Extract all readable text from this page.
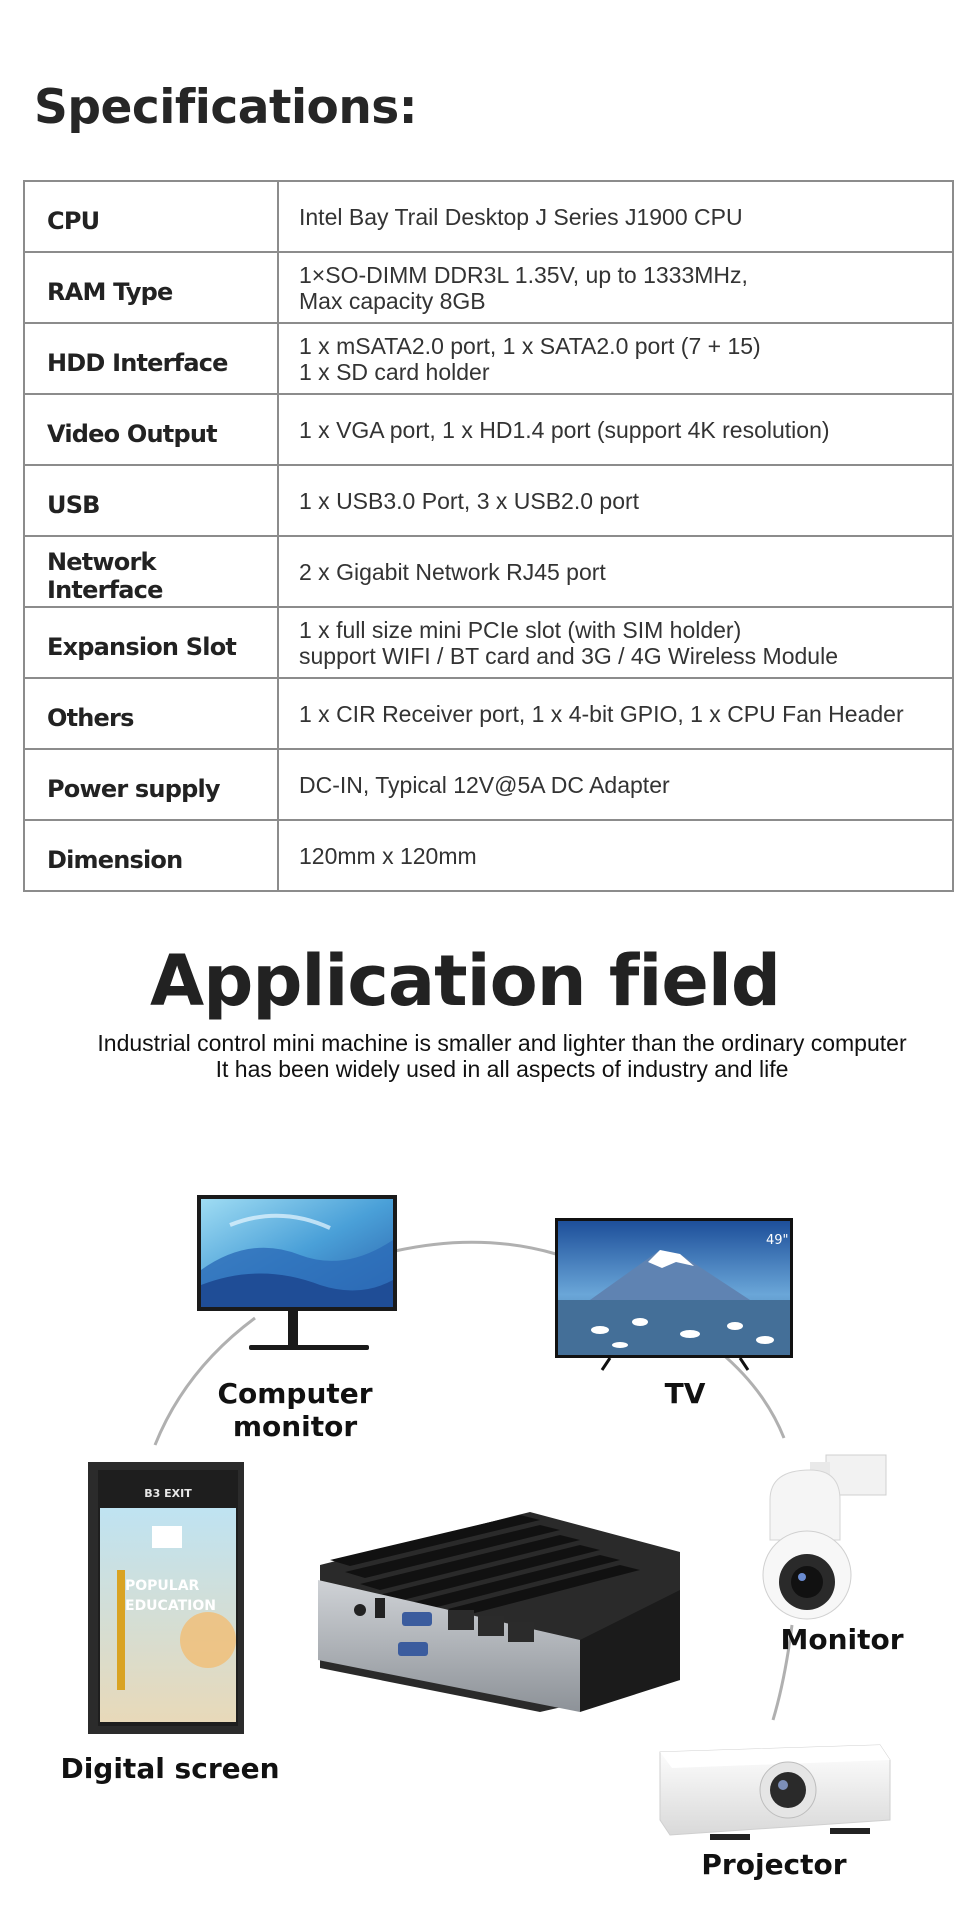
Specifications:
CPU	Intel Bay Trail Desktop J Series J1900 CPU

RAM Type	1×SO-DIMM DDR3L 1.35V, up to 1333MHz,
Max capacity 8GB

HDD Interface	1 x mSATA2.0 port, 1 x SATA2.0 port (7 + 15)
1 x SD card holder

Video Output	1 x VGA port, 1 x HD1.4 port (support 4K resolution)

USB	1 x USB3.0 Port, 3 x USB2.0 port

Network Interface	2 x Gigabit Network RJ45 port

Expansion Slot	1 x full size mini PCIe slot (with SIM holder)
support WIFI / BT card and 3G / 4G Wireless Module

Others	1 x CIR Receiver port, 1 x 4-bit GPIO, 1 x CPU Fan Header

Power supply	DC-IN, Typical 12V@5A DC Adapter

Dimension	120mm x 120mm
Application field
Industrial control mini machine is smaller and lighter than the ordinary computer
It has been widely used in all aspects of industry and life
49"
B3 EXIT
POPULAR
EDUCATION
Computer monitor
TV
Monitor
Digital screen
Projector
